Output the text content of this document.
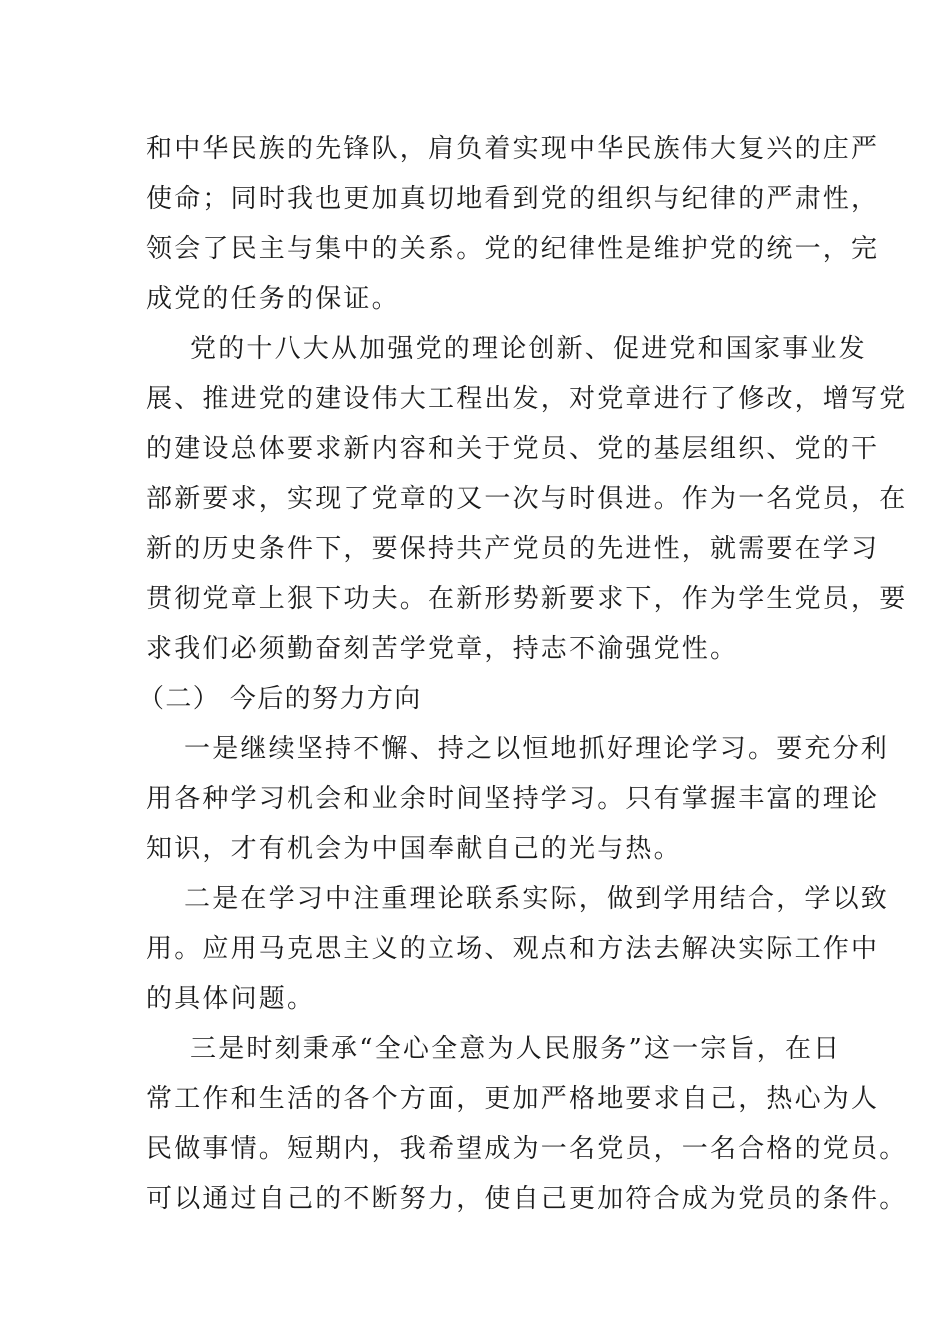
和中华民族的先锋队，肩负着实现中华民族伟大复兴的庄严
使命；同时我也更加真切地看到党的组织与纪律的严肃性，
领会了民主与集中的关系。党的纪律性是维护党的统一，完
成党的任务的保证。
党的十八大从加强党的理论创新、促进党和国家事业发
展、推进党的建设伟大工程出发，对党章进行了修改，增写党
的建设总体要求新内容和关于党员、党的基层组织、党的干
部新要求，实现了党章的又一次与时俱进。作为一名党员，在
新的历史条件下，要保持共产党员的先进性，就需要在学习
贯彻党章上狠下功夫。在新形势新要求下，作为学生党员，要
求我们必须勤奋刻苦学党章，持志不渝强党性。
（二） 今后的努力方向
一是继续坚持不懈、持之以恒地抓好理论学习。要充分利
用各种学习机会和业余时间坚持学习。只有掌握丰富的理论
知识，才有机会为中国奉献自己的光与热。
二是在学习中注重理论联系实际，做到学用结合，学以致
用。应用马克思主义的立场、观点和方法去解决实际工作中
的具体问题。
三是时刻秉承“全心全意为人民服务”这一宗旨，在日
常工作和生活的各个方面，更加严格地要求自己，热心为人
民做事情。短期内，我希望成为一名党员，一名合格的党员。
可以通过自己的不断努力，使自己更加符合成为党员的条件。
